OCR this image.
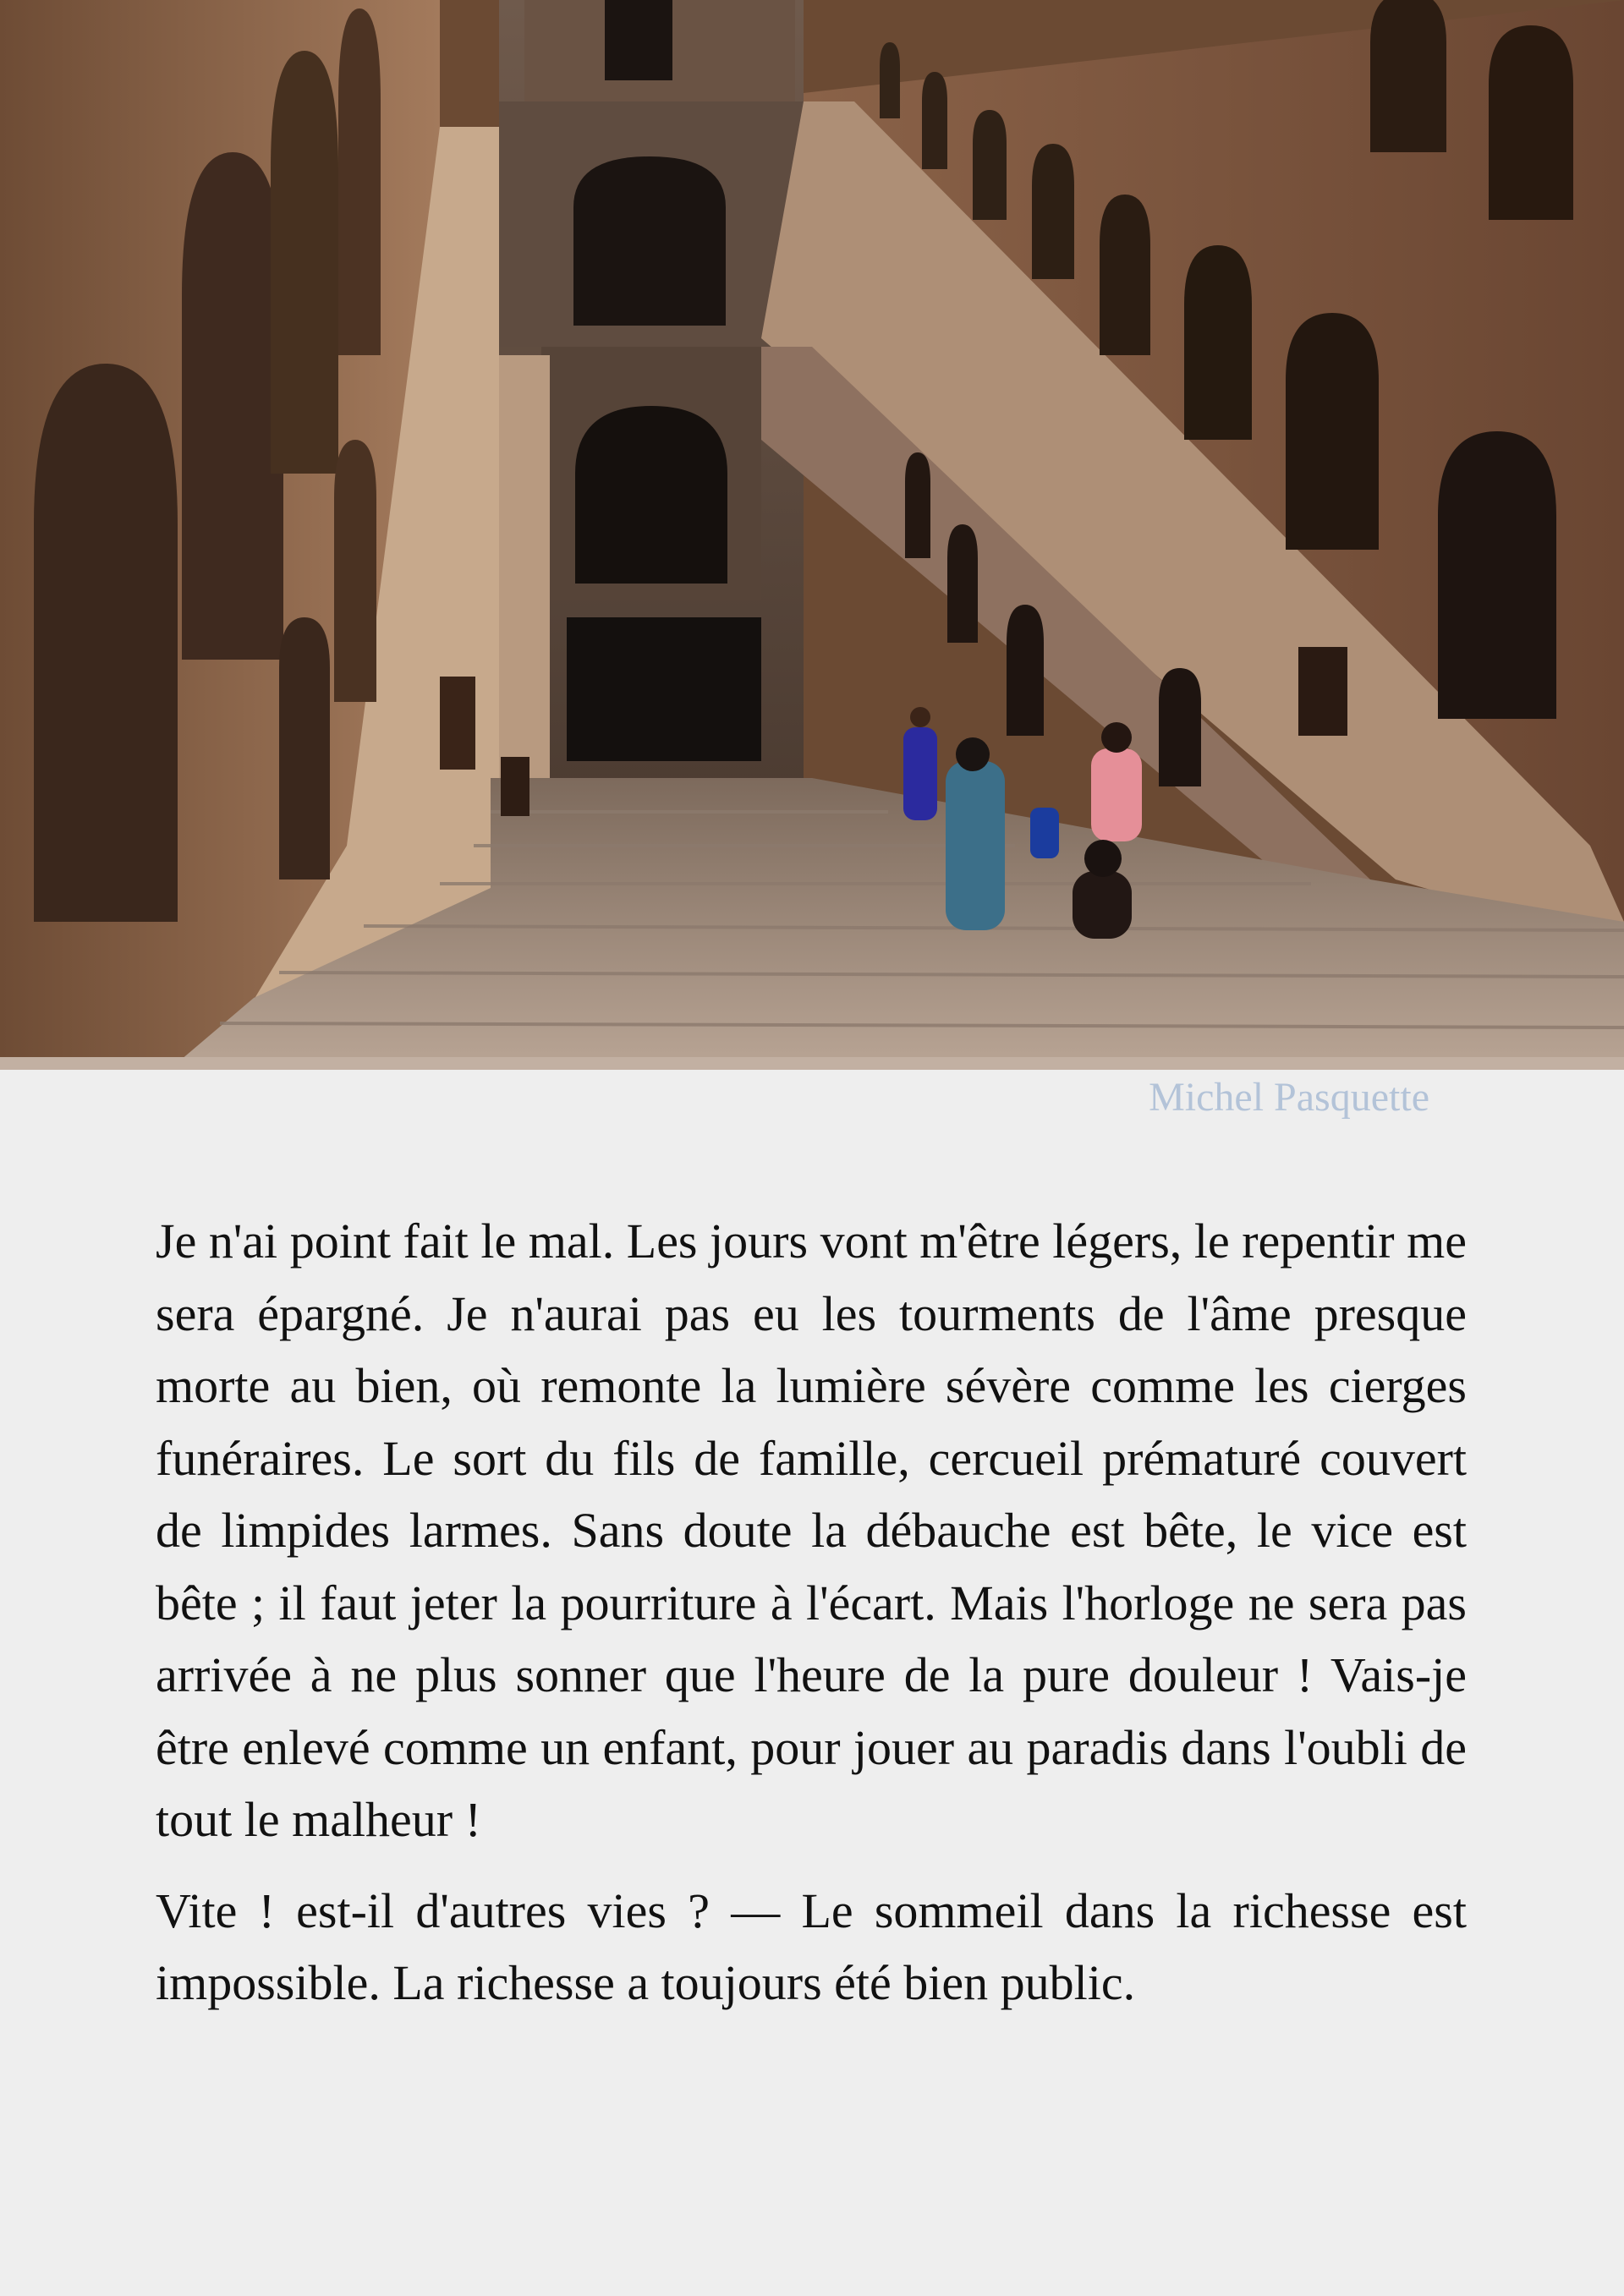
Michel Pasquette

Je n'ai point fait le mal. Les jours vont m'être légers, le repentir me sera épargné. Je n'aurai pas eu les tourments de l'âme presque morte au bien, où remonte la lumière sévère comme les cierges funéraires. Le sort du fils de famille, cercueil prématuré couvert de limpides larmes. Sans doute la débauche est bête, le vice est bête ; il faut jeter la pourriture à l'écart. Mais l'horloge ne sera pas arrivée à ne plus sonner que l'heure de la pure douleur ! Vais-je être enlevé comme un enfant, pour jouer au paradis dans l'oubli de tout le malheur !

Vite ! est-il d'autres vies ? — Le sommeil dans la richesse est impossible. La richesse a toujours été bien public.
